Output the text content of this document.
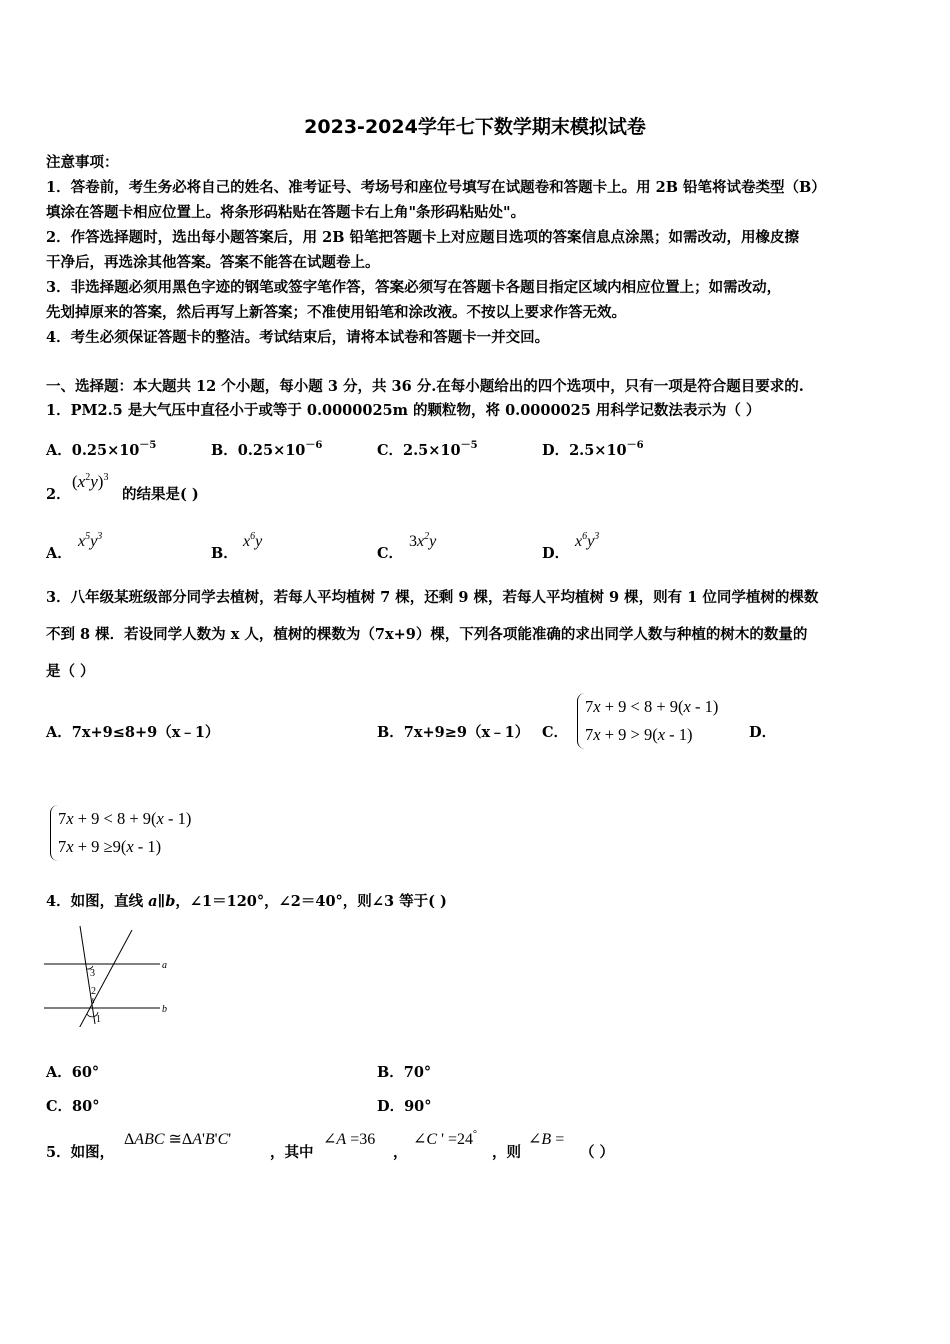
2023-2024学年七下数学期末模拟试卷
注意事项：
1．答卷前，考生务必将自己的姓名、准考证号、考场号和座位号填写在试题卷和答题卡上。用 2B 铅笔将试卷类型（B）
填涂在答题卡相应位置上。将条形码粘贴在答题卡右上角"条形码粘贴处"。
2．作答选择题时，选出每小题答案后，用 2B 铅笔把答题卡上对应题目选项的答案信息点涂黑；如需改动，用橡皮擦
干净后，再选涂其他答案。答案不能答在试题卷上。
3．非选择题必须用黑色字迹的钢笔或签字笔作答，答案必须写在答题卡各题目指定区域内相应位置上；如需改动，
先划掉原来的答案，然后再写上新答案；不准使用铅笔和涂改液。不按以上要求作答无效。
4．考生必须保证答题卡的整洁。考试结束后，请将本试卷和答题卡一并交回。
一、选择题：本大题共 12 个小题，每小题 3 分，共 36 分.在每小题给出的四个选项中，只有一项是符合题目要求的.
1．PM2.5 是大气压中直径小于或等于 0.0000025m 的颗粒物，将 0.0000025 用科学记数法表示为（ ）
A．$0.25\times 10^{-5}$	B．$0.25\times 10^{-6}$	C．$2.5\times 10^{-5}$	D．$2.5\times 10^{-6}$
2．
$(x^2y)^3$
的结果是( )
A．
$x^5y^3$
B．
$x^6y$
C．
$3x^2y$
D．
$x^6y^3$
3．八年级某班级部分同学去植树，若每人平均植树 7 棵，还剩 9 棵，若每人平均植树 9 棵，则有 1 位同学植树的棵数
不到 8 棵．若设同学人数为 x 人，植树的棵数为（7x+9）棵，下列各项能准确的求出同学人数与种植的树木的数量的
是（ ）
A．7x+9≤8+9（x﹣1）	B．7x+9≥9（x﹣1） C．
7x + 9 < 8 + 9(x - 1)
7x + 9 > 9(x - 1)	D．
7x + 9 < 8 + 9(x - 1)
7x + 9 ≥9(x - 1)
4．如图，直线 a∥b，∠1＝120°，∠2＝40°，则∠3 等于( )
a
b
3
2
1
A．60°	B．70°
C．80°	D．90°
5．如图，
ΔABC ≅ΔA'B'C'
，其中
∠A =36
，
∠C ' =24°
，则
∠B =
（ ）
